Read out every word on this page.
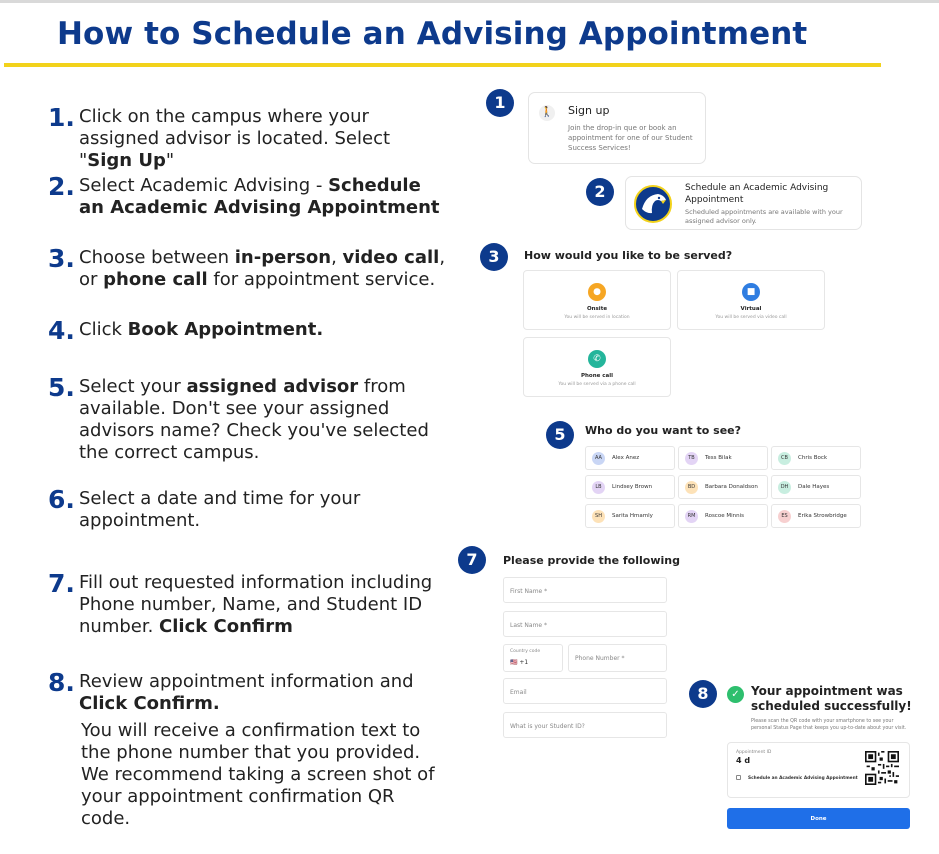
How to Schedule an Advising Appointment
1. Click on the campus where your assigned advisor is located. Select "Sign Up"
2. Select Academic Advising - Schedule an Academic Advising Appointment
3. Choose between in-person, video call, or phone call for appointment service.
4. Click Book Appointment.
5. Select your assigned advisor from available. Don't see your assigned advisors name? Check you've selected the correct campus.
6. Select a date and time for your appointment.
7. Fill out requested information including Phone number, Name, and Student ID number. Click Confirm
8. Review appointment information and Click Confirm.
You will receive a confirmation text to the phone number that you provided. We recommend taking a screen shot of your appointment confirmation QR code.
1
2
3
5
7
8
🚶 Sign up
Join the drop-in que or book an appointment for one of our Student Success Services!
Schedule an Academic Advising Appointment
Scheduled appointments are available with your assigned advisor only.
How would you like to be served?
●
Onsite
You will be served in location
■
Virtual
You will be served via video call
✆
Phone call
You will be served via a phone call
Who do you want to see?
AA	Alex Anez	TB	Tess Bilak	CB	Chris Bock
LB	Lindsey Brown	BD	Barbara Donaldson	DH	Dale Hayes
SH	Sarita Hmamly	RM	Roscoe Minnis	ES	Erika Strowbridge
Please provide the following
First Name *
Last Name *
Country code
🇺🇸 +1
Phone Number *
Email
What is your Student ID?
✓ Your appointment was scheduled successfully!
Please scan the QR code with your smartphone to see your personal Status Page that keeps you up-to-date about your visit.
Appointment ID
4 d
Schedule an Academic Advising Appointment
Done
